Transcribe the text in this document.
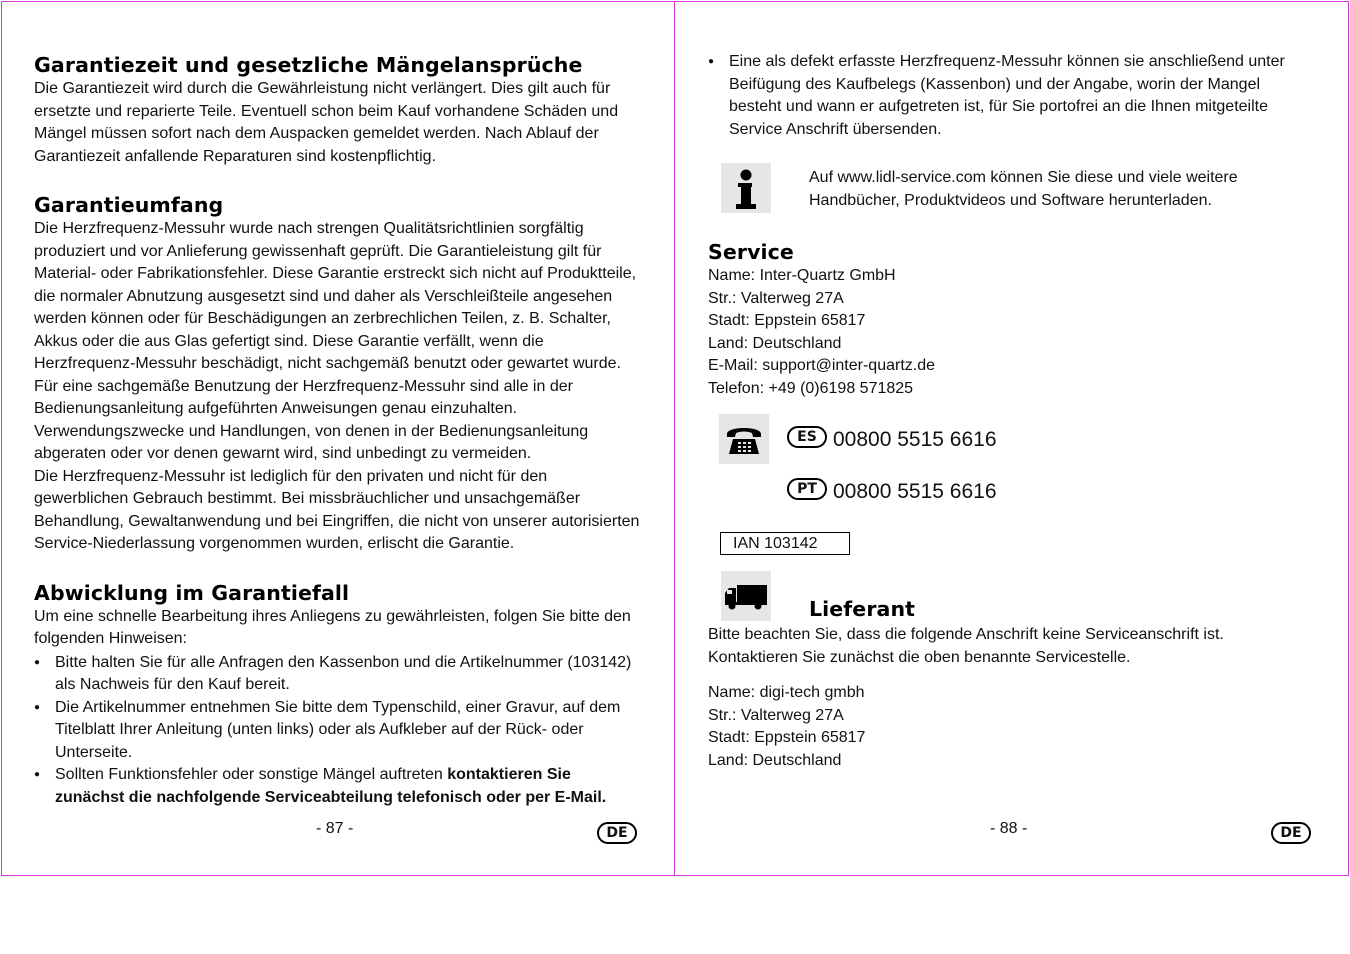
Garantiezeit und gesetzliche Mängelansprüche

Die Garantiezeit wird durch die Gewährleistung nicht verlängert. Dies gilt auch für ersetzte und reparierte Teile. Eventuell schon beim Kauf vorhandene Schäden und Mängel müssen sofort nach dem Auspacken gemeldet werden. Nach Ablauf der Garantiezeit anfallende Reparaturen sind kostenpflichtig.

Garantieumfang

Die Herzfrequenz-Messuhr wurde nach strengen Qualitätsrichtlinien sorgfältig produziert und vor Anlieferung gewissenhaft geprüft. Die Garantieleistung gilt für Material- oder Fabrikationsfehler. Diese Garantie erstreckt sich nicht auf Produktteile, die normaler Abnutzung ausgesetzt sind und daher als Verschleißteile angesehen werden können oder für Beschädigungen an zerbrechlichen Teilen, z. B. Schalter, Akkus oder die aus Glas gefertigt sind. Diese Garantie verfällt, wenn die Herzfrequenz-Messuhr beschädigt, nicht sachgemäß benutzt oder gewartet wurde. Für eine sachgemäße Benutzung der Herzfrequenz-Messuhr sind alle in der Bedienungsanleitung aufgeführten Anweisungen genau einzuhalten. Verwendungszwecke und Handlungen, von denen in der Bedienungsanleitung abgeraten oder vor denen gewarnt wird, sind unbedingt zu vermeiden.

Die Herzfrequenz-Messuhr ist lediglich für den privaten und nicht für den gewerblichen Gebrauch bestimmt. Bei missbräuchlicher und unsachgemäßer Behandlung, Gewaltanwendung und bei Eingriffen, die nicht von unserer autorisierten Service-Niederlassung vorgenommen wurden, erlischt die Garantie.

Abwicklung im Garantiefall

Um eine schnelle Bearbeitung ihres Anliegens zu gewährleisten, folgen Sie bitte den folgenden Hinweisen:

● Bitte halten Sie für alle Anfragen den Kassenbon und die Artikelnummer (103142) als Nachweis für den Kauf bereit.
● Die Artikelnummer entnehmen Sie bitte dem Typenschild, einer Gravur, auf dem Titelblatt Ihrer Anleitung (unten links) oder als Aufkleber auf der Rück- oder Unterseite.
● Sollten Funktionsfehler oder sonstige Mängel auftreten kontaktieren Sie zunächst die nachfolgende Serviceabteilung telefonisch oder per E-Mail.
- 87 -	DE
● Eine als defekt erfasste Herzfrequenz-Messuhr können sie anschließend unter Beifügung des Kaufbelegs (Kassenbon) und der Angabe, worin der Mangel besteht und wann er aufgetreten ist, für Sie portofrei an die Ihnen mitgeteilte Service Anschrift übersenden.
Auf www.lidl-service.com können Sie diese und viele weitere Handbücher, Produktvideos und Software herunterladen.
Service
Name: Inter-Quartz GmbH
Str.: Valterweg 27A
Stadt: Eppstein 65817
Land: Deutschland
E-Mail: support@inter-quartz.de
Telefon: +49 (0)6198 571825
ES 00800 5515 6616
PT 00800 5515 6616
IAN 103142
Lieferant

Bitte beachten Sie, dass die folgende Anschrift keine Serviceanschrift ist. Kontaktieren Sie zunächst die oben benannte Servicestelle.

Name: digi-tech gmbh
Str.: Valterweg 27A
Stadt: Eppstein 65817
Land: Deutschland
- 88 -	DE
